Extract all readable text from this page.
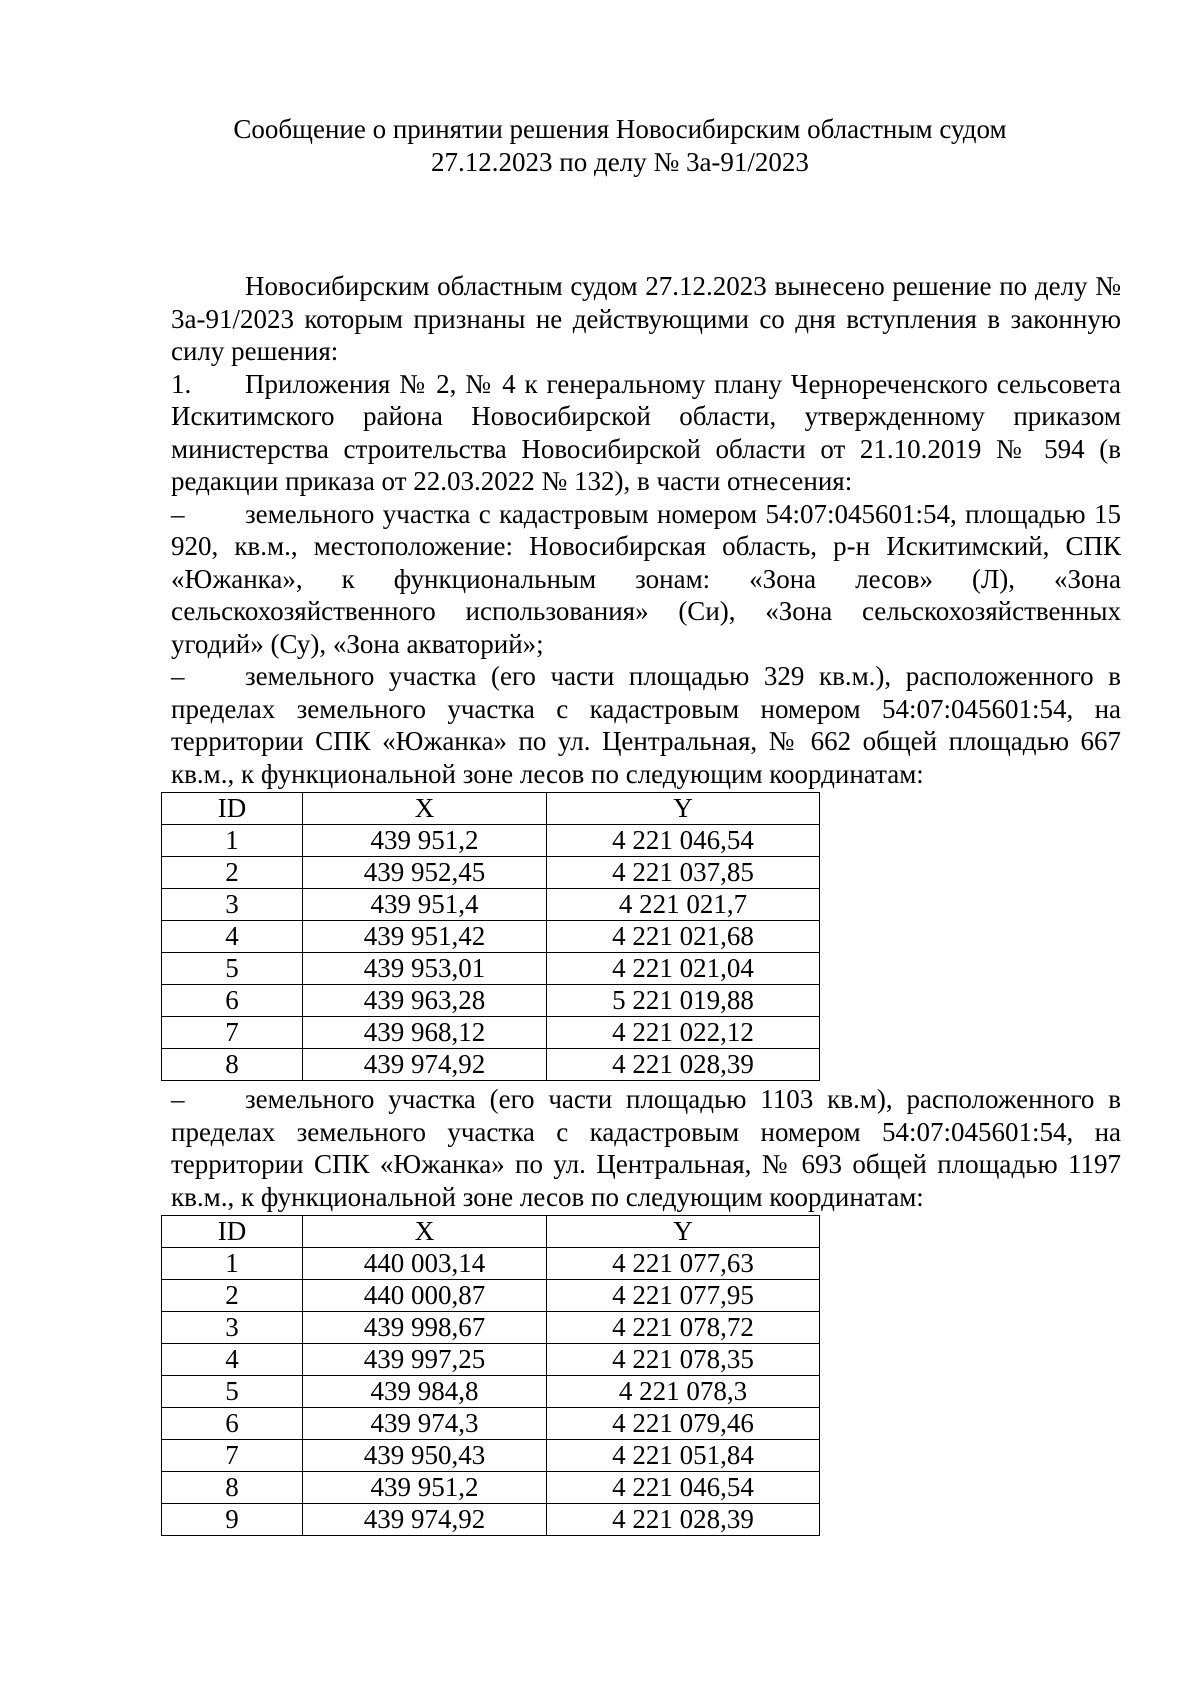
Сообщение о принятии решения Новосибирским областным судом
27.12.2023 по делу № 3а-91/2023

Новосибирским областным судом 27.12.2023 вынесено решение по делу № 3а-91/2023 которым признаны не действующими со дня вступления в законную силу решения:

1. Приложения № 2, № 4 к генеральному плану Чернореченского сельсовета Искитимского района Новосибирской области, утвержденному приказом министерства строительства Новосибирской области от 21.10.2019 № 594 (в редакции приказа от 22.03.2022 № 132), в части отнесения:

– земельного участка с кадастровым номером 54:07:045601:54, площадью 15 920, кв.м., местоположение: Новосибирская область, р-н Искитимский, СПК «Южанка», к функциональным зонам: «Зона лесов» (Л), «Зона сельскохозяйственного использования» (Си), «Зона сельскохозяйственных угодий» (Су), «Зона акваторий»;

– земельного участка (его части площадью 329 кв.м.), расположенного в пределах земельного участка с кадастровым номером 54:07:045601:54, на территории СПК «Южанка» по ул. Центральная, № 662 общей площадью 667 кв.м., к функциональной зоне лесов по следующим координатам:

ID	X	Y
1	439 951,2	4 221 046,54
2	439 952,45	4 221 037,85
3	439 951,4	4 221 021,7
4	439 951,42	4 221 021,68
5	439 953,01	4 221 021,04
6	439 963,28	5 221 019,88
7	439 968,12	4 221 022,12
8	439 974,92	4 221 028,39

– земельного участка (его части площадью 1103 кв.м), расположенного в пределах земельного участка с кадастровым номером 54:07:045601:54, на территории СПК «Южанка» по ул. Центральная, № 693 общей площадью 1197 кв.м., к функциональной зоне лесов по следующим координатам:

ID	X	Y
1	440 003,14	4 221 077,63
2	440 000,87	4 221 077,95
3	439 998,67	4 221 078,72
4	439 997,25	4 221 078,35
5	439 984,8	4 221 078,3
6	439 974,3	4 221 079,46
7	439 950,43	4 221 051,84
8	439 951,2	4 221 046,54
9	439 974,92	4 221 028,39
